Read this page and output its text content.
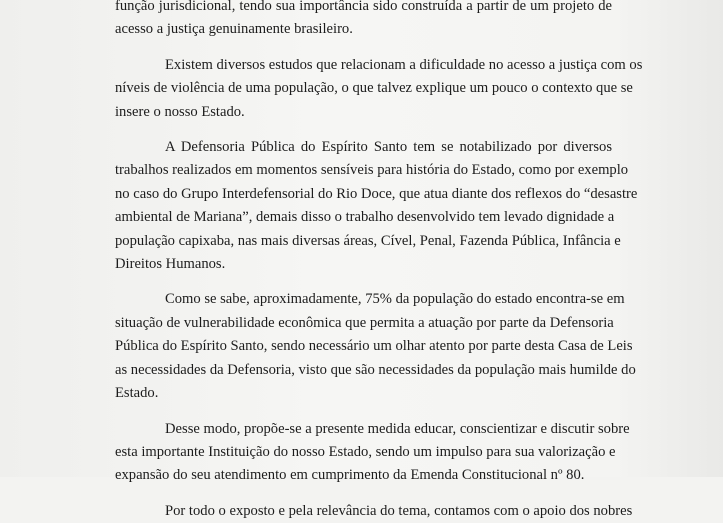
função jurisdicional, tendo sua importância sido construída a partir de um projeto de

acesso a justiça genuinamente brasileiro.

Existem diversos estudos que relacionam a dificuldade no acesso a justiça com os

níveis de violência de uma população, o que talvez explique um pouco o contexto que se

insere o nosso Estado.

A Defensoria Pública do Espírito Santo tem se notabilizado por diversos

trabalhos realizados em momentos sensíveis para história do Estado, como por exemplo

no caso do Grupo Interdefensorial do Rio Doce, que atua diante dos reflexos do “desastre

ambiental de Mariana”, demais disso o trabalho desenvolvido tem levado dignidade a

população capixaba, nas mais diversas áreas, Cível, Penal, Fazenda Pública, Infância e

Direitos Humanos.

Como se sabe, aproximadamente, 75% da população do estado encontra-se em

situação de vulnerabilidade econômica que permita a atuação por parte da Defensoria

Pública do Espírito Santo, sendo necessário um olhar atento por parte desta Casa de Leis

as necessidades da Defensoria, visto que são necessidades da população mais humilde do

Estado.

Desse modo, propõe-se a presente medida educar, conscientizar e discutir sobre

esta importante Instituição do nosso Estado, sendo um impulso para sua valorização e

expansão do seu atendimento em cumprimento da Emenda Constitucional nº 80.

Por todo o exposto e pela relevância do tema, contamos com o apoio dos nobres
